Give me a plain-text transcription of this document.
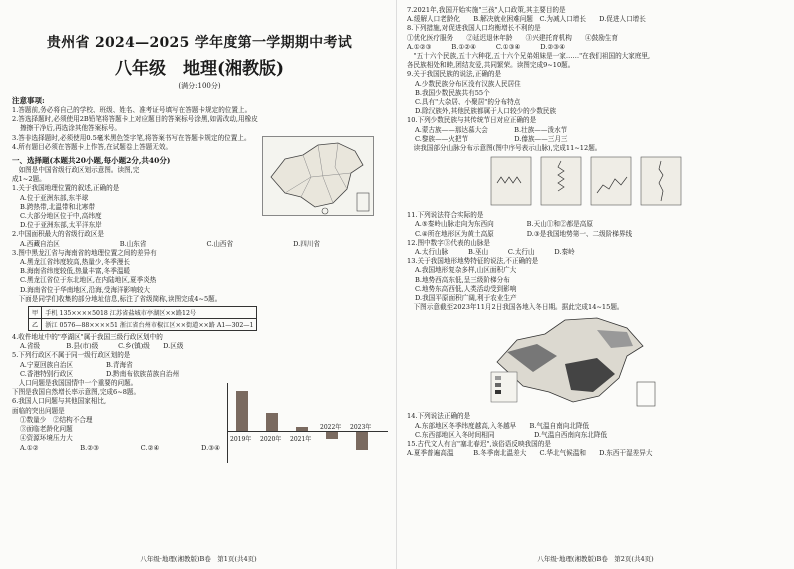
贵州省 2024—2025 学年度第一学期期中考试
八年级　地理(湘教版)
(满分:100分)
注意事项:
1.答题前,务必将自己的学校、班级、姓名、准考证号填写在答题卡规定的位置上。
2.答选择题时,必须使用2B铅笔将答题卡上对应题目的答案标号涂黑,如需改动,用橡皮
擦擦干净后,再选涂其他答案标号。
3.答非选择题时,必须使用0.5毫米黑色签字笔,将答案书写在答题卡规定的位置上。
4.所有题目必须在答题卡上作答,在试题卷上答题无效。
一、选择题(本题共20小题,每小题2分,共40分)
　如图是中国省级行政区划示意图。读图,完
成1~2题。
1.关于我国地理位置的叙述,正确的是
A.位于亚洲东部,东半球
B.跨热带,北温带和北寒带
C.大部分地区位于中,高纬度
D.位于亚洲东部,太平洋东岸
2.中国面积最大的省级行政区是
A.西藏自治区	B.山东省	C.山西省	D.四川省
3.图中黑龙江省与海南省的地理位置之间的差异有
A.黑龙江省纬度较高,热量少,冬季漫长
B.海南省纬度较低,热量丰富,冬季温暖
C.黑龙江省位于东北地区,在内陆地区,夏季炎热
D.海南省位于华南地区,沿海,受海洋影响较大
　下面是同学们收集的部分地址信息,标注了省级简称,读图完成4~5题。
甲	手机 135××××5018 江苏省盐城市亭湖区××路12号
乙	浙江 0576—88××××51 浙江省台州市椒江区××街道××路 A1—302—1
4.收件地址中的"亭湖区"属于我国三级行政区划中的
A.省级　　　　B.县(市)级　　　C.乡(镇)级　　D.区级
5.下列行政区不属于同一级行政区划的是
A.宁夏回族自治区　　　　　B.青海省
C.香港特别行政区　　　　　D.黔南布依族苗族自治州
　人口问题是我国国情中一个重要的问题。
下图是我国自然增长率示意图,完成6~8题。
6.我国人口问题与其他国家相比,
面临的突出问题是
①数量少　②结构不合理
③面临老龄化问题
④资源环境压力大
A.①②	B.②③	C.②④	D.③④
2019年 2020年 2021年
2022年 2023年
八年级·地理(湘教版)B卷　第1页(共4页)
7.2021年,我国开始实施"三孩"人口政策,其主要目的是
A.缓解人口老龄化　　B.解决就业困难问题　C.为减人口增长　　D.促进人口增长
8.下列措施,对促进我国人口均衡增长不利的是
①优化医疗服务　　②延迟退休年龄　　③兴建托育机构　　④鼓励生育
A.①②③　　　B.①②④　　　C.①③④　　　D.②③④
　"五十六个民族,五十六种花,五十六个兄弟姐妹是一家……"在我们祖国的大家庭里,
各民族相处和睦,团结友爱,共同繁荣。读图完成9~10题。
9.关于我国民族的说法,正确的是
A.少数民族分布区没有汉族人民居住
B.我国少数民族共有55个
C.具有"大杂居、小聚居"的分布特点
D.除汉族外,其他民族都属于人口较少的少数民族
10.下列少数民族与其传统节日对应正确的是
A.蒙古族——那达慕大会　　　　B.壮族——泼水节
C.黎族——火把节　　　　　　　D.傣族——三月三
　读我国部分山脉分布示意图(图中序号表示山脉),完成11~12题。
11.下列说法符合实际的是
A.⑤秦岭山脉走向为东西向　　　　　B.天山①和②都是高原
C.④所在地形区为黄土高原　　　　　D.③是我国地势第一、二级阶梯界线
12.图中数字③代表的山脉是
A.太行山脉　　　B.巫山　　　C.太行山　　　D.秦岭
13.关于我国地形地势特征的说法,不正确的是
A.我国地形复杂多样,山区面积广大
B.地势西高东低,呈三级阶梯分布
C.地势东高西低,人类活动受到影响
D.我国平原面积广阔,利于农业生产
　下图示意截至2023年11月2日我国各地入冬日期。据此完成14~15题。
14.下列说法正确的是
A.东部地区冬季纬度越高,入冬越早　　B.气温自南向北降低
C.东西部地区入冬时间相同　　　　　　D.气温自西南向东北降低
15.古代文人有言"塞北春迟",该俗语反映我国的是
A.夏季普遍高温　　　B.冬季南北温差大　　C.华北气候温和　　D.东西干湿差异大
八年级·地理(湘教版)B卷　第2页(共4页)
